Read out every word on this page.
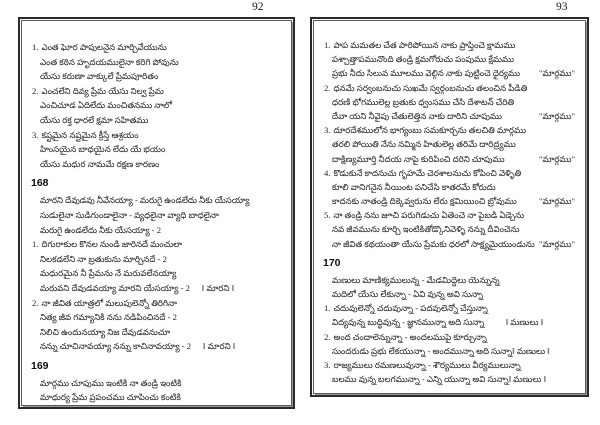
92	93
1. ఎంత ఘోర పాపులనైన మార్చివేయును
ఎంత కఠిన హృదయములైనా కరిగి పోవును
యేసు కరుణా వాక్కులే ప్రేమపూరితం
2. ఎంచలేని దివ్య ప్రేమ యేసు నిల్వ ప్రేమ
ఎంచిచూడ ఏదిలేదు మంచితనము నాలో
యేసు రక్త ధారలే క్షమా సహితము
3. కష్టమైన నష్టమైన క్రీస్తే ఆశ్రయం
హింసయైన బాధయైన లేదు యే భయం
యేసు మధుర నామమే రక్షణ కారణం
168
మారని దేవుడవు నీవేనయ్యా - మరుగై ఉండలేదు నీకు యేసయ్యా
సుడులైనా సుడిగుండాలైనా - వ్యధలైనా వ్యాధి బాధలైనా
మరుగై ఉండలేదు నీకు యేసయ్యా - 2
1. దిగురాకుల కొనల నుండి జారినదే మంచులా
నిలకడలేని నా బ్రతుకును మార్చినదే - 2
మధురమైన నీ ప్రేమను నే మరువలేనయ్యా
మరువని దేవుడవయ్యా మారని యేసయ్యా - 2 ‖ మారని ‖
2. నా జీవిత యాత్రలో మలుపులెన్నో తిరిగినా
నిత్య జీవ గమ్యానికి నను నడిపించినదే - 2
నిలిచి ఉందునయ్యా నిజ దేవుడవనుచూ
నన్ను చూచినావయ్యా నన్ను కాచినావయ్యా - 2 ‖ మారని ‖
169
మార్గము చూపుము ఇంటికి నా తండ్రి ఇంటికి
మాధుర్య ప్రేమ ప్రపంచము చూపించు కంటికి
1. పాప మమతల చేత పారిపోయిన నాకు ప్రాప్తించె క్షామము
పశ్చాత్తాపమునొంది తండ్రి క్షమగోరుచు పంపుము క్షేమము
ప్రభు నీదు సిలువ మూలము వెల్గిన నాకు పుట్టించె ధైర్యము "మార్గము"
2. ధనమే సర్వంబనుచు సుఖమే స్వర్గంబనుచు తలంచిన పీడితి
ధరణి భోగములెల్ల బ్రతుకు ధ్వంసము చేసి దేశాటన్ చేరితి
దేవా యని నీవైపు చేతులెత్తిన నాకు దారిని చూపుము	"మార్గము"
3. దూరదేశములోన భాగ్యంబు సమకూర్చను తలచితి మార్గము
తరలి పోయితి నేను నమ్మిన హితులెల్ల తరిమే దారిద్ర్యము
దాక్షిణ్యమూర్తి నీదయ నాపై కురిపించి దరిని చూపుము	"మార్గము"
4. కొడుకునే కాదనుచు గృహమే చెరశాలనుచు కోపించి వెళ్ళితి
కూలి వానిగనైన నీయింట పనిచేసి కాతరమే కోరుదు
కాదనకు నాతండ్రి దిక్కెవ్వరును లేరు క్షమియించి బ్రోవుము	"మార్గము"
5. నా తండ్రి నను జూచి పరుగిడుచు ఏతెంచె నా పైబడి ఏడ్చెను
నవ జీవమును కూర్చి ఇంటికితోడ్కొనివెళ్ళి నన్ను దీవించెను
నా జీవిత కథయంతా యేసు ప్రేమకు ధరలో సాక్ష్యమైయుండును "మార్గము"
170
మణులు మాణిక్యములున్న - మేడమిద్దెలు యెన్నున్న
మదిలో యేసు లేకున్నా - ఏవి వున్న అవి సున్నా
1. చదువులెన్నో చదువున్నా - పదవులెన్నో చేస్తున్నా
విద్యవున్న బుద్ధివున్న - జ్ఞానమున్నా అది సున్నా ‖ మణులు ‖
2. అంద చందాలెన్నున్నా - అందలముపై కూర్చున్నా
సుందరుడు ప్రభు లేకయున్నా - అందమున్నా అది సున్నా ‖ మణులు ‖
3. రాజ్యములు రమణలువున్నా - శౌర్యములు వీర్యములున్నా
బలము వున్న బలగమున్నా - ఎన్ని యున్నా అవి సున్నా ‖ మణులు ‖
